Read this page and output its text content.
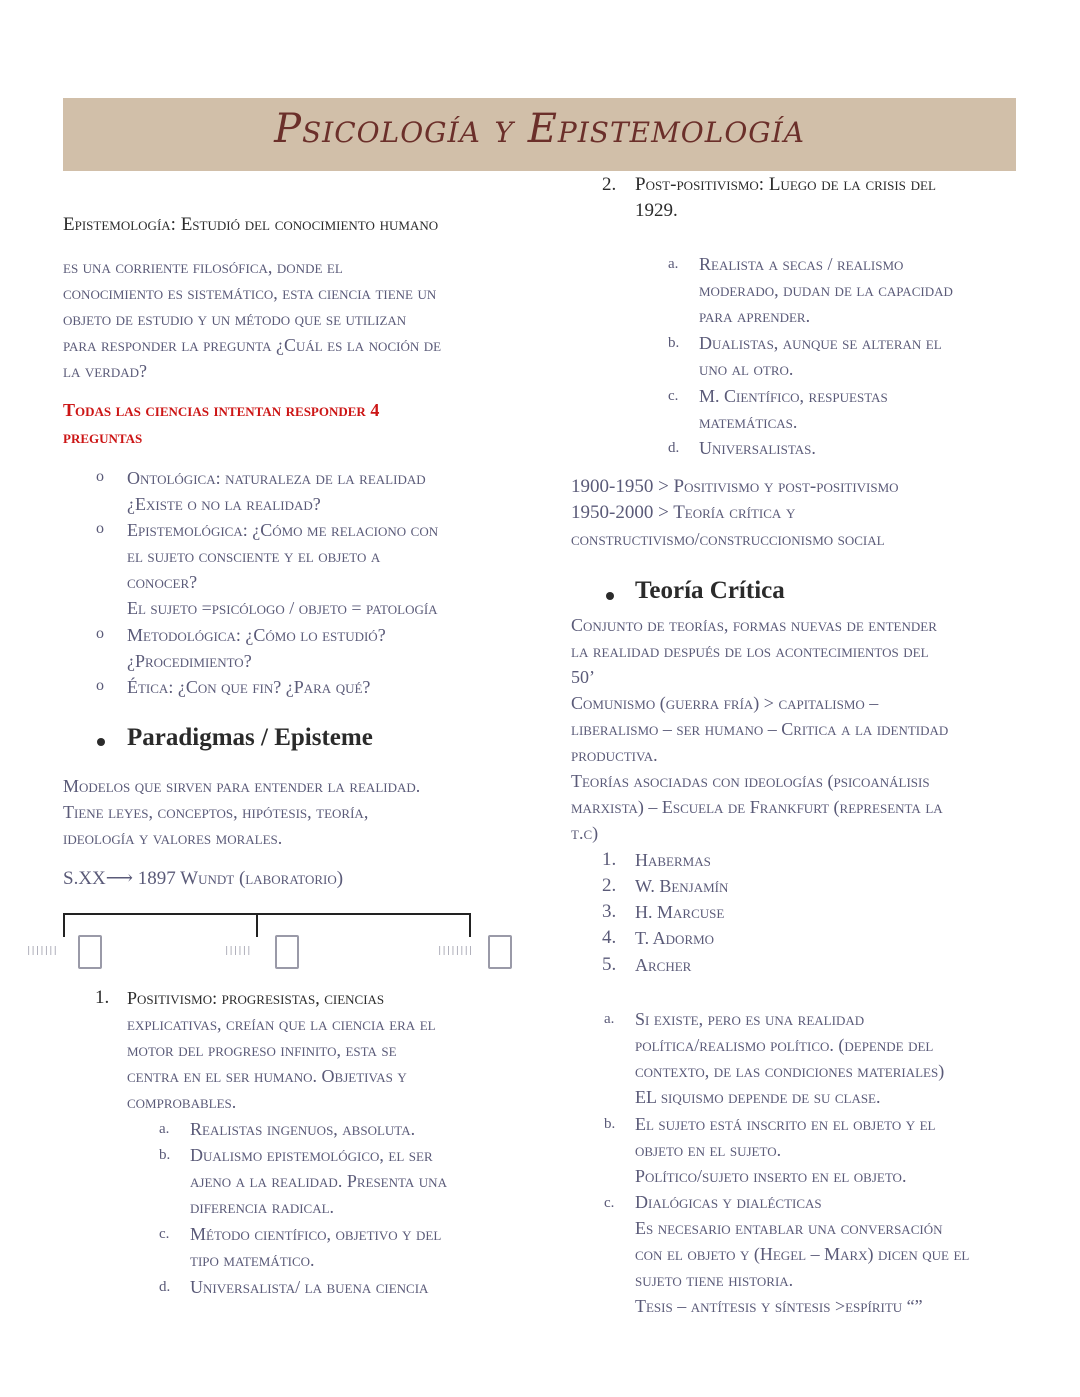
Psicología y Epistemología
Epistemología: Estudió del conocimiento humano
es una corriente filosófica, donde el
conocimiento es sistemático, esta ciencia tiene un
objeto de estudio y un método que se utilizan
para responder la pregunta ¿Cuál es la noción de
la verdad?
Todas las ciencias intentan responder 4
preguntas
o	Ontológica: naturaleza de la realidad
¿Existe o no la realidad?
o	Epistemológica: ¿Cómo me relaciono con
el sujeto consciente y el objeto a
conocer?
El sujeto =psicólogo / objeto = patología
o	Metodológica: ¿Cómo lo estudió?
¿Procedimiento?
o	Ética: ¿Con que fin? ¿Para qué?
Paradigmas / Episteme
Modelos que sirven para entender la realidad.
Tiene leyes, conceptos, hipótesis, teoría,
ideología y valores morales.
S.XX⟶ 1897 Wundt (laboratorio)
|||||||	||||||	||||||||
1. Positivismo: progresistas, ciencias
explicativas, creían que la ciencia era el
motor del progreso infinito, esta se
centra en el ser humano. Objetivas y
comprobables.
a. Realistas ingenuos, absoluta.
b. Dualismo epistemológico, el ser
ajeno a la realidad. Presenta una
diferencia radical.
c. Método científico, objetivo y del
tipo matemático.
d. Universalista/ la buena ciencia
2. Post-positivismo: Luego de la crisis del
1929.
a. Realista a secas / realismo
moderado, dudan de la capacidad
para aprender.
b. Dualistas, aunque se alteran el
uno al otro.
c. M. Científico, respuestas
matemáticas.
d. Universalistas.
1900-1950 > Positivismo y post-positivismo
1950-2000 > Teoría crítica y
constructivismo/construccionismo social
Teoría Crítica
Conjunto de teorías, formas nuevas de entender
la realidad después de los acontecimientos del
50’
Comunismo (guerra fría) > capitalismo –
liberalismo – ser humano – Critica a la identidad
productiva.
Teorías asociadas con ideologías (psicoanálisis
marxista) – Escuela de Frankfurt (representa la
t.c)
1. Habermas
2. W. Benjamín
3. H. Marcuse
4. T. Adormo
5. Archer
a. Si existe, pero es una realidad
política/realismo político. (depende del
contexto, de las condiciones materiales)
EL siquismo depende de su clase.
b. El sujeto está inscrito en el objeto y el
objeto en el sujeto.
Político/sujeto inserto en el objeto.
c. Dialógicas y dialécticas
Es necesario entablar una conversación
con el objeto y (Hegel – Marx) dicen que el
sujeto tiene historia.
Tesis – antítesis y síntesis >espíritu “”
